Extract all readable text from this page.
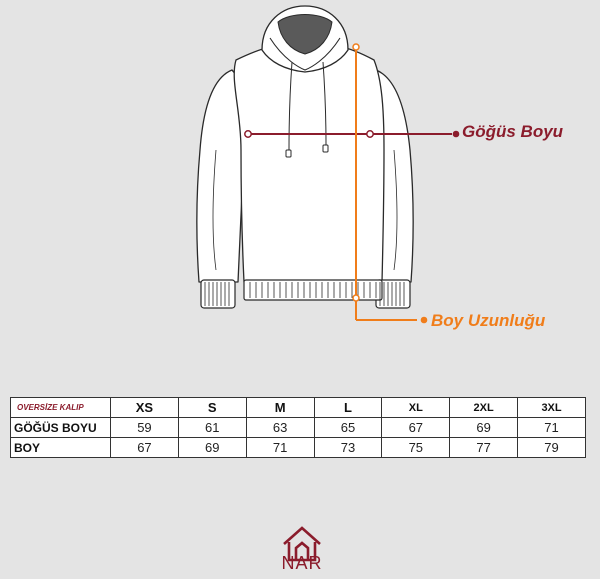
Göğüs Boyu
Boy Uzunluğu
OVERSİZE KALIP	XS	S	M	L	XL	2XL	3XL
GÖĞÜS BOYU	59	61	63	65	67	69	71
BOY	67	69	71	73	75	77	79
NAR
